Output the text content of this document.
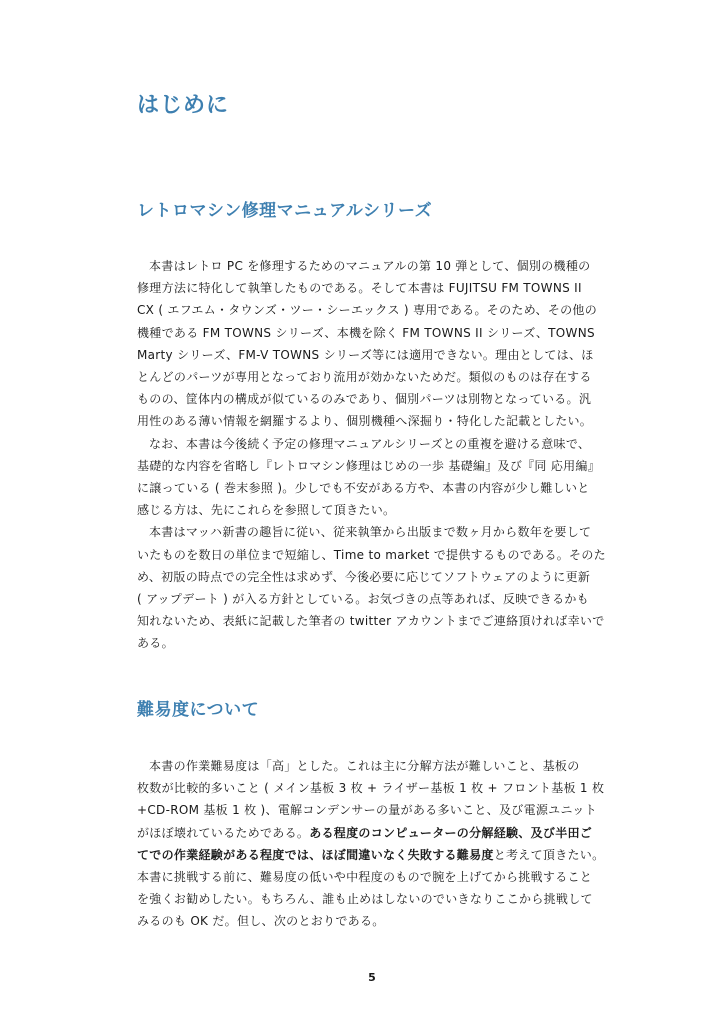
はじめに
レトロマシン修理マニュアルシリーズ
本書はレトロ PC を修理するためのマニュアルの第 10 弾として、個別の機種の
修理方法に特化して執筆したものである。そして本書は FUJITSU FM TOWNS II
CX ( エフエム・タウンズ・ツー・シーエックス ) 専用である。そのため、その他の
機種である FM TOWNS シリーズ、本機を除く FM TOWNS II シリーズ、TOWNS
Marty シリーズ、FM-V TOWNS シリーズ等には適用できない。理由としては、ほ
とんどのパーツが専用となっており流用が効かないためだ。類似のものは存在する
ものの、筐体内の構成が似ているのみであり、個別パーツは別物となっている。汎
用性のある薄い情報を網羅するより、個別機種へ深掘り・特化した記載としたい。
なお、本書は今後続く予定の修理マニュアルシリーズとの重複を避ける意味で、
基礎的な内容を省略し『レトロマシン修理はじめの一歩 基礎編』及び『同 応用編』
に譲っている ( 巻末参照 )。少しでも不安がある方や、本書の内容が少し難しいと
感じる方は、先にこれらを参照して頂きたい。
本書はマッハ新書の趣旨に従い、従来執筆から出版まで数ヶ月から数年を要して
いたものを数日の単位まで短縮し、Time to market で提供するものである。そのた
め、初版の時点での完全性は求めず、今後必要に応じてソフトウェアのように更新
( アップデート ) が入る方針としている。お気づきの点等あれば、反映できるかも
知れないため、表紙に記載した筆者の twitter アカウントまでご連絡頂ければ幸いで
ある。
難易度について
本書の作業難易度は「高」とした。これは主に分解方法が難しいこと、基板の
枚数が比較的多いこと ( メイン基板 3 枚 + ライザー基板 1 枚 + フロント基板 1 枚
+CD-ROM 基板 1 枚 )、電解コンデンサーの量がある多いこと、及び電源ユニット
がほぼ壊れているためである。ある程度のコンピューターの分解経験、及び半田ご
てでの作業経験がある程度では、ほぼ間違いなく失敗する難易度と考えて頂きたい。
本書に挑戦する前に、難易度の低いや中程度のもので腕を上げてから挑戦すること
を強くお勧めしたい。もちろん、誰も止めはしないのでいきなりここから挑戦して
みるのも OK だ。但し、次のとおりである。
5
